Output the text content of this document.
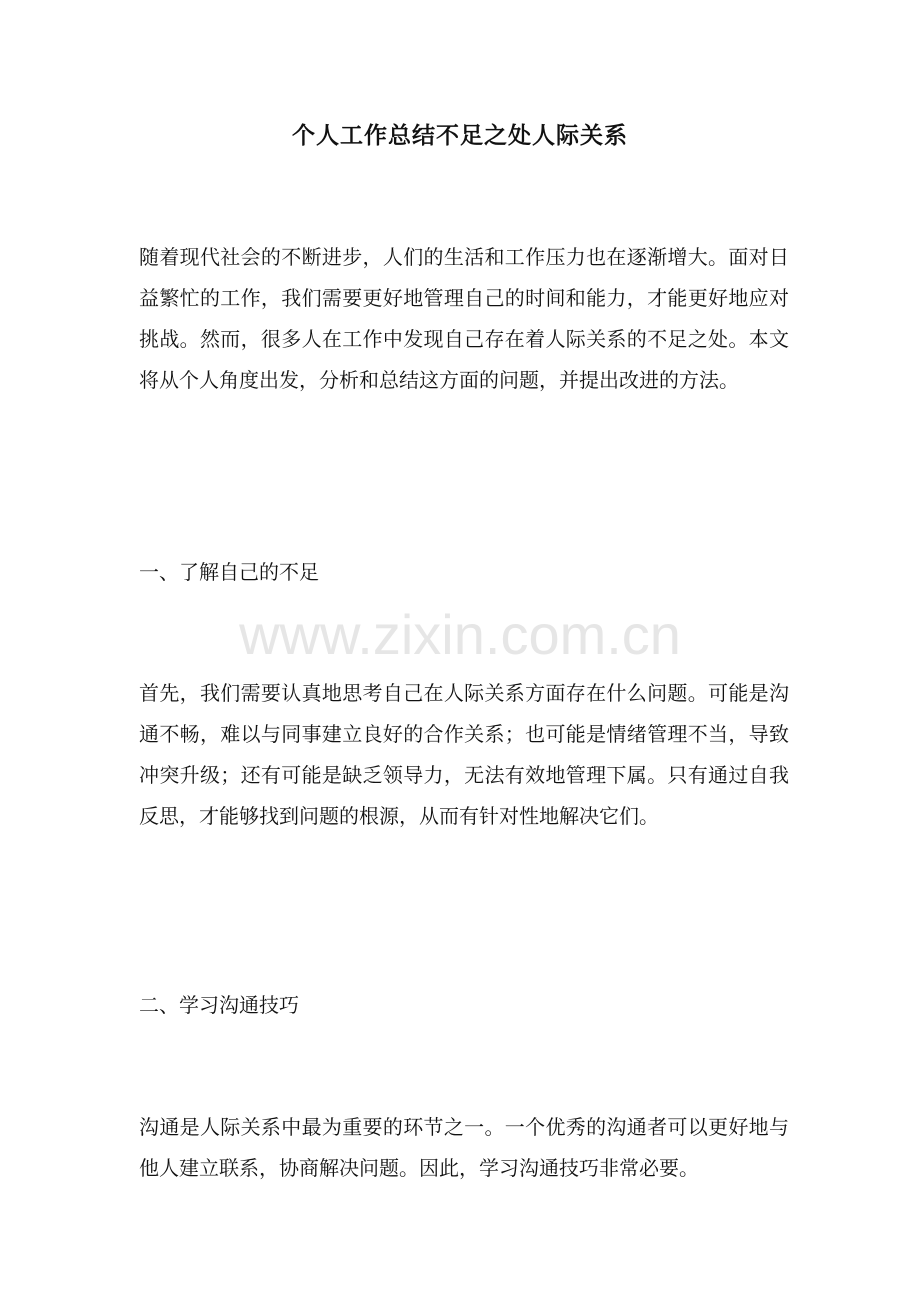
个人工作总结不足之处人际关系

随着现代社会的不断进步，人们的生活和工作压力也在逐渐增大。面对日益繁忙的工作，我们需要更好地管理自己的时间和能力，才能更好地应对挑战。然而，很多人在工作中发现自己存在着人际关系的不足之处。本文将从个人角度出发，分析和总结这方面的问题，并提出改进的方法。

一、了解自己的不足
www.zixin.com.cn

首先，我们需要认真地思考自己在人际关系方面存在什么问题。可能是沟通不畅，难以与同事建立良好的合作关系；也可能是情绪管理不当，导致冲突升级；还有可能是缺乏领导力，无法有效地管理下属。只有通过自我反思，才能够找到问题的根源，从而有针对性地解决它们。

二、学习沟通技巧

沟通是人际关系中最为重要的环节之一。一个优秀的沟通者可以更好地与他人建立联系，协商解决问题。因此，学习沟通技巧非常必要。
